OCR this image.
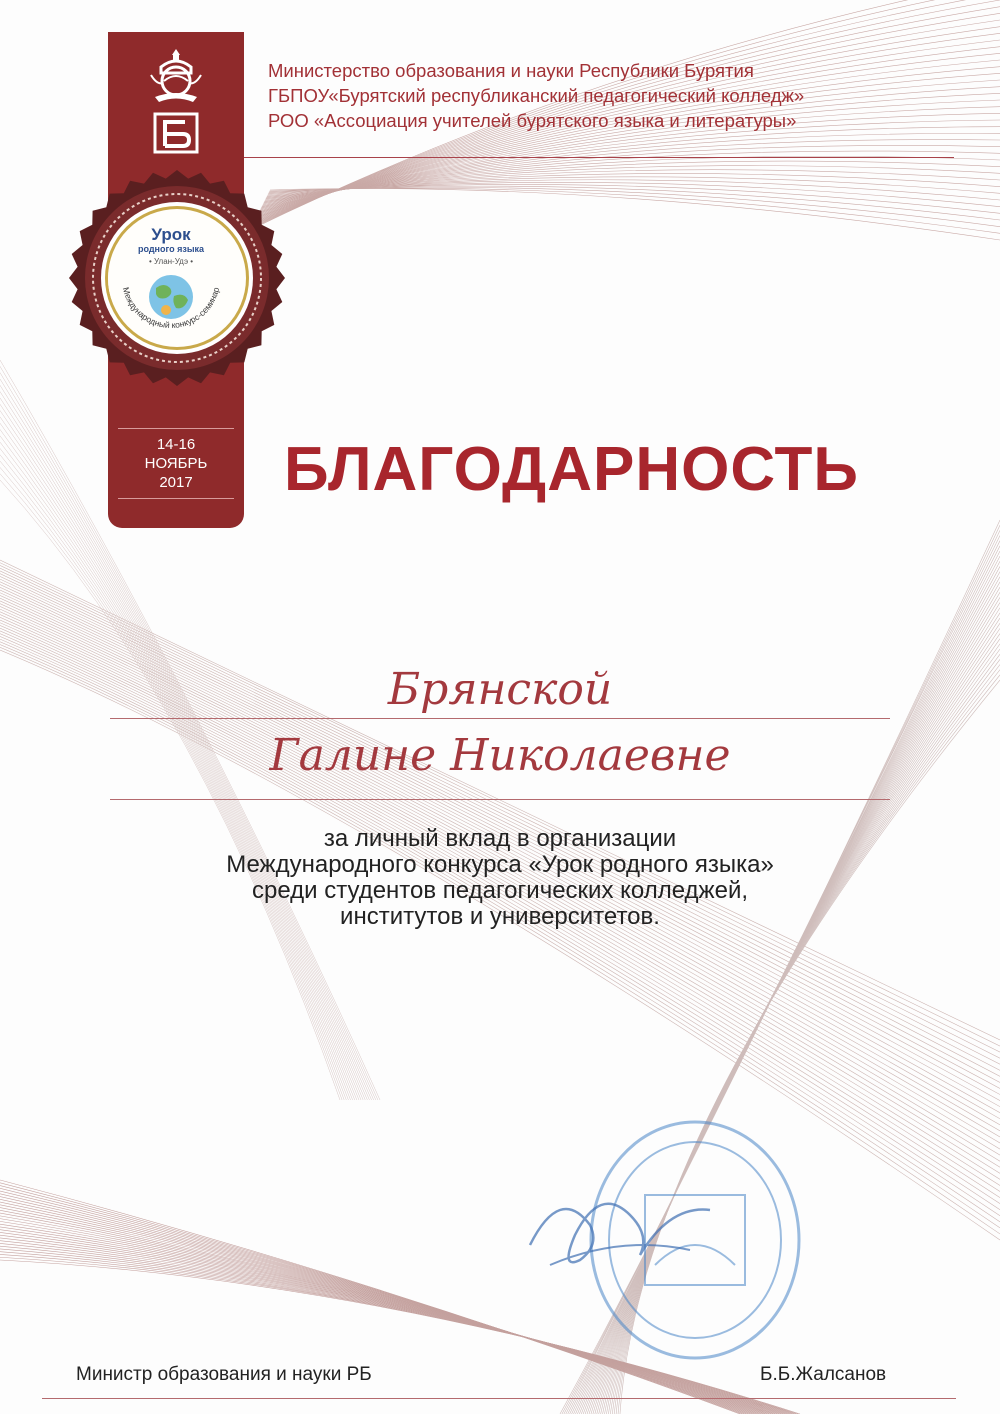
Урок
родного языка
• Улан-Удэ •
Международный конкурс-семинар
14-16
НОЯБРЬ
2017
Министерство образования и науки Республики Бурятия
ГБПОУ«Бурятский республиканский педагогический колледж»
РОО «Ассоциация учителей бурятского языка и литературы»
БЛАГОДАРНОСТЬ
Брянской
Галине Николаевне
за личный вклад в организации
Международного конкурса «Урок родного языка»
среди студентов педагогических колледжей,
институтов и университетов.
Министр образования и науки РБ	Б.Б.Жалсанов
